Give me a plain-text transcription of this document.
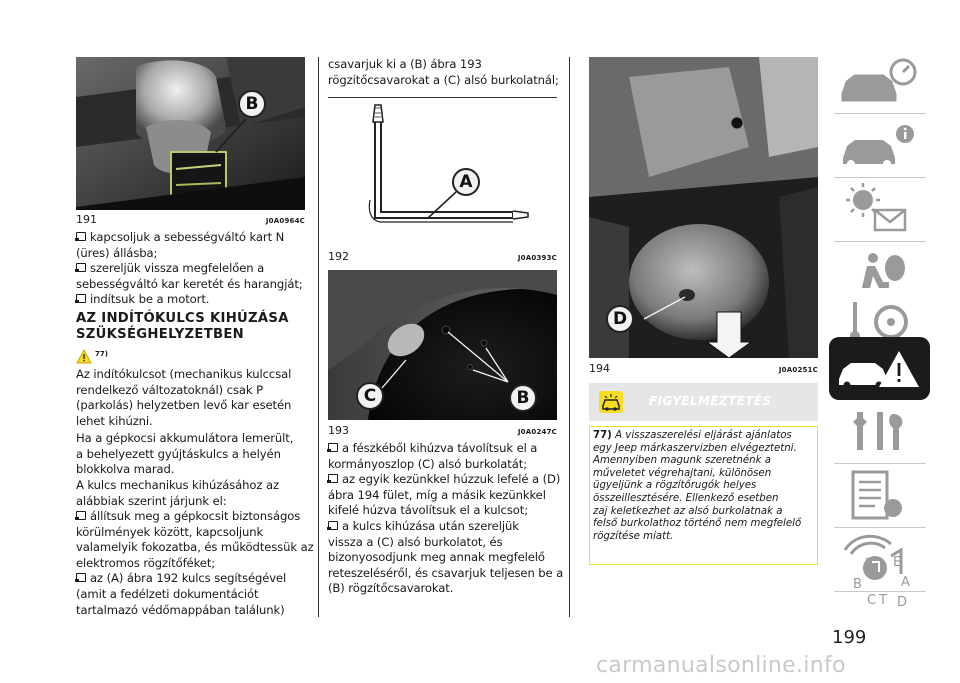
B
191	J0A0964C
kapcsoljuk a sebességváltó kart N
(üres) állásba;
szereljük vissza megfelelően a
sebességváltó kar keretét és harangját;
indítsuk be a motort.
AZ INDÍTÓKULCS KIHÚZÁSA
SZÜKSÉGHELYZETBEN
77)
Az indítókulcsot (mechanikus kulccsal
rendelkező változatoknál) csak P
(parkolás) helyzetben levő kar esetén
lehet kihúzni.
Ha a gépkocsi akkumulátora lemerült,
a behelyezett gyújtáskulcs a helyén
blokkolva marad.
A kulcs mechanikus kihúzásához az
alábbiak szerint járjunk el:
állítsuk meg a gépkocsit biztonságos
körülmények között, kapcsoljunk
valamelyik fokozatba, és működtessük az
elektromos rögzítőféket;
az (A) ábra 192 kulcs segítségével
(amit a fedélzeti dokumentációt
tartalmazó védőmappában találunk)
csavarjuk ki a (B) ábra 193
rögzítőcsavarokat a (C) alsó burkolatnál;
A
192	J0A0393C
C	B
193	J0A0247C
a fészkéből kihúzva távolítsuk el a
kormányoszlop (C) alsó burkolatát;
az egyik kezünkkel húzzuk lefelé a (D)
ábra 194 fület, míg a másik kezünkkel
kifelé húzva távolítsuk el a kulcsot;
a kulcs kihúzása után szereljük
vissza a (C) alsó burkolatot, és
bizonyosodjunk meg annak megfelelő
reteszeléséről, és csavarjuk teljesen be a
(B) rögzítőcsavarokat.
D
194	J0A0251C
FIGYELMEZTETÉS
77) A visszaszerelési eljárást ajánlatos
egy Jeep márkaszervizben elvégeztetni.
Amennyiben magunk szeretnénk a
műveletet végrehajtani, különösen
ügyeljünk a rögzítőrugók helyes
összeillesztésére. Ellenkező esetben
zaj keletkezhet az alsó burkolatnak a
felső burkolathoz történő nem megfelelő
rögzítése miatt.
Z E
B	A
C T D
199
carmanualsonline.info
